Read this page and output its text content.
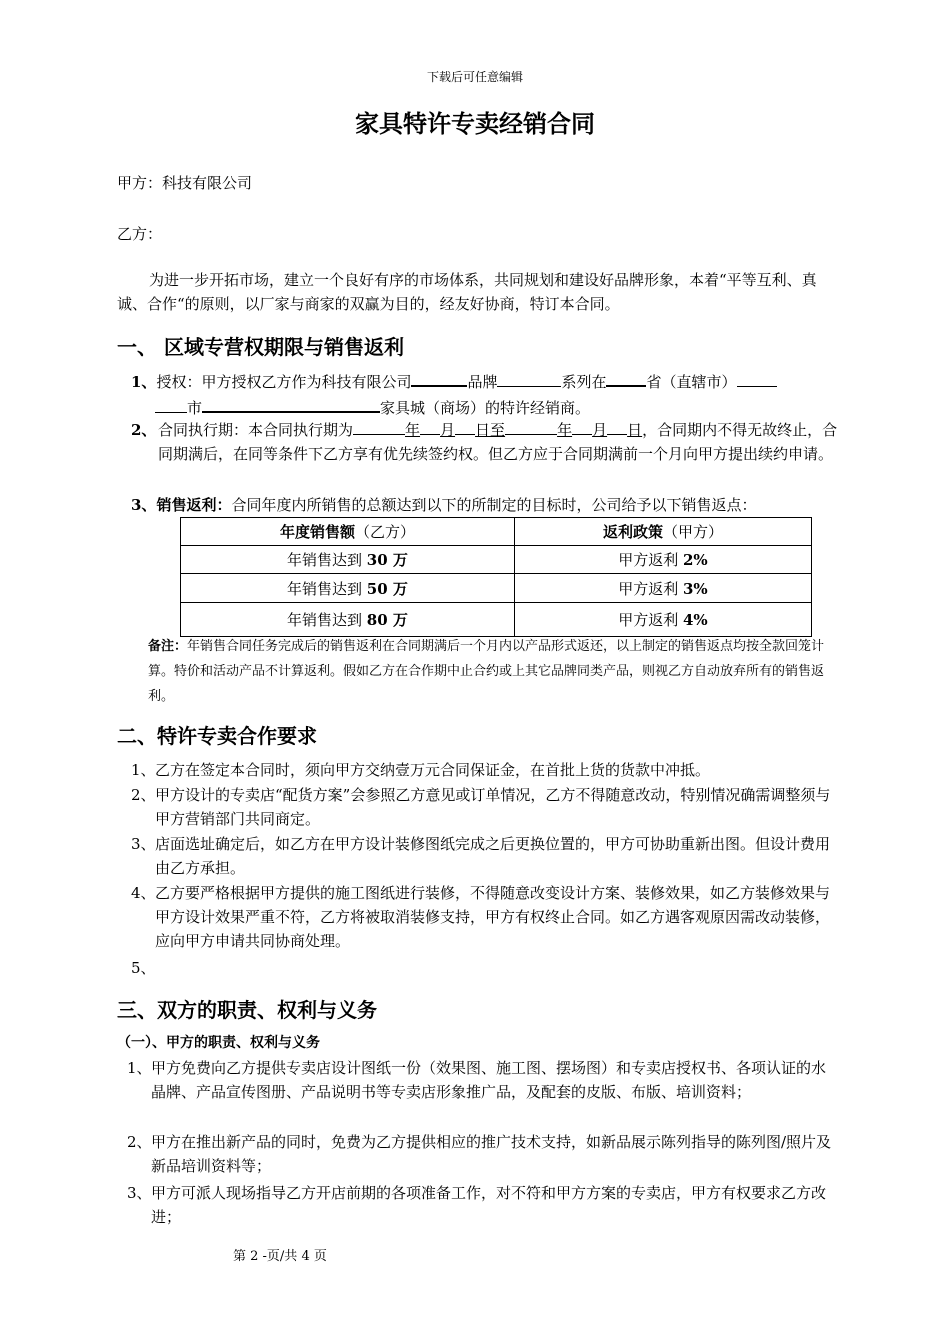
下载后可任意编辑
家具特许专卖经销合同
甲方：科技有限公司
乙方：
为进一步开拓市场，建立一个良好有序的市场体系，共同规划和建设好品牌形象，本着“平等互利、真诚、合作“的原则，以厂家与商家的双赢为目的，经友好协商，特订本合同。
一、 区域专营权期限与销售返利
1、授权：甲方授权乙方作为科技有限公司	品牌	系列在	省（直辖市）
市	家具城（商场）的特许经销商。
2、 合同执行期：本合同执行期为	年 月 日至	年 月 日，合同期内不得无故终止，合同期满后，在同等条件下乙方享有优先续签约权。但乙方应于合同期满前一个月向甲方提出续约申请。
3、销售返利：合同年度内所销售的总额达到以下的所制定的目标时，公司给予以下销售返点：
年度销售额（乙方）	返利政策（甲方）
年销售达到 30 万	甲方返利 2%
年销售达到 50 万	甲方返利 3%
年销售达到 80 万	甲方返利 4%
备注：年销售合同任务完成后的销售返利在合同期满后一个月内以产品形式返还，以上制定的销售返点均按全款回笼计算。特价和活动产品不计算返利。假如乙方在合作期中止合约或上其它品牌同类产品，则视乙方自动放弃所有的销售返利。
二、特许专卖合作要求
1、 乙方在签定本合同时，须向甲方交纳壹万元合同保证金，在首批上货的货款中冲抵。
2、 甲方设计的专卖店“配货方案”会参照乙方意见或订单情况，乙方不得随意改动，特别情况确需调整须与甲方营销部门共同商定。
3、 店面选址确定后，如乙方在甲方设计装修图纸完成之后更换位置的，甲方可协助重新出图。但设计费用由乙方承担。
4、 乙方要严格根据甲方提供的施工图纸进行装修，不得随意改变设计方案、装修效果，如乙方装修效果与甲方设计效果严重不符，乙方将被取消装修支持，甲方有权终止合同。如乙方遇客观原因需改动装修，应向甲方申请共同协商处理。
5、
三、双方的职责、权利与义务
（一）、甲方的职责、权利与义务
1、 甲方免费向乙方提供专卖店设计图纸一份（效果图、施工图、摆场图）和专卖店授权书、各项认证的水晶牌、产品宣传图册、产品说明书等专卖店形象推广品，及配套的皮版、布版、培训资料；
2、 甲方在推出新产品的同时，免费为乙方提供相应的推广技术支持，如新品展示陈列指导的陈列图/照片及新品培训资料等；
3、 甲方可派人现场指导乙方开店前期的各项准备工作，对不符和甲方方案的专卖店，甲方有权要求乙方改进；
第 2 -页/共 4 页
